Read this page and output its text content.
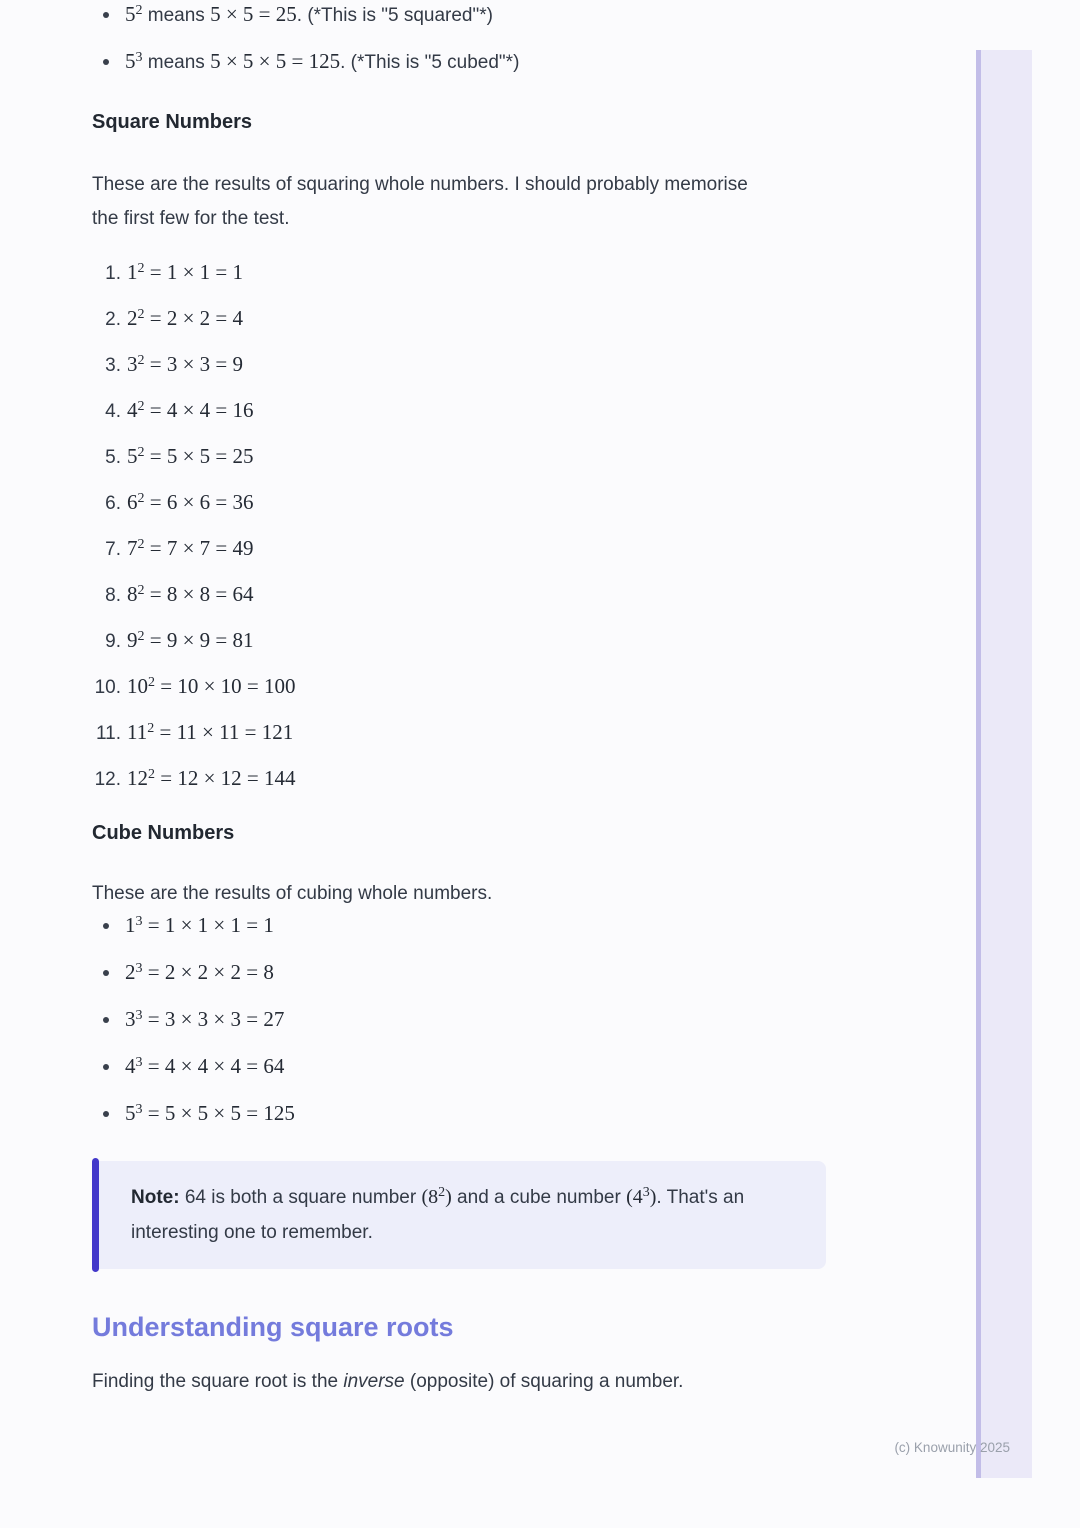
$5^2$ means 5 × 5 = 25. (*This is "5 squared"*)
$5^3$ means 5 × 5 × 5 = 125. (*This is "5 cubed"*)
Square Numbers
These are the results of squaring whole numbers. I should probably memorise
the first few for the test.
1. $1^2 = 1 \times 1 = 1$
2. $2^2 = 2 \times 2 = 4$
3. $3^2 = 3 \times 3 = 9$
4. $4^2 = 4 \times 4 = 16$
5. $5^2 = 5 \times 5 = 25$
6. $6^2 = 6 \times 6 = 36$
7. $7^2 = 7 \times 7 = 49$
8. $8^2 = 8 \times 8 = 64$
9. $9^2 = 9 \times 9 = 81$
10. $10^2 = 10 \times 10 = 100$
11. $11^2 = 11 \times 11 = 121$
12. $12^2 = 12 \times 12 = 144$
Cube Numbers

These are the results of cubing whole numbers.

$1^3 = 1 \times 1 \times 1 = 1$
$2^3 = 2 \times 2 \times 2 = 8$
$3^3 = 3 \times 3 \times 3 = 27$
$4^3 = 4 \times 4 \times 4 = 64$
$5^3 = 5 \times 5 \times 5 = 125$
Note: 64 is both a square number $(8^2)$ and a cube number $(4^3)$. That's an interesting one to remember.
Understanding square roots

Finding the square root is the inverse (opposite) of squaring a number.

(c) Knowunity 2025
